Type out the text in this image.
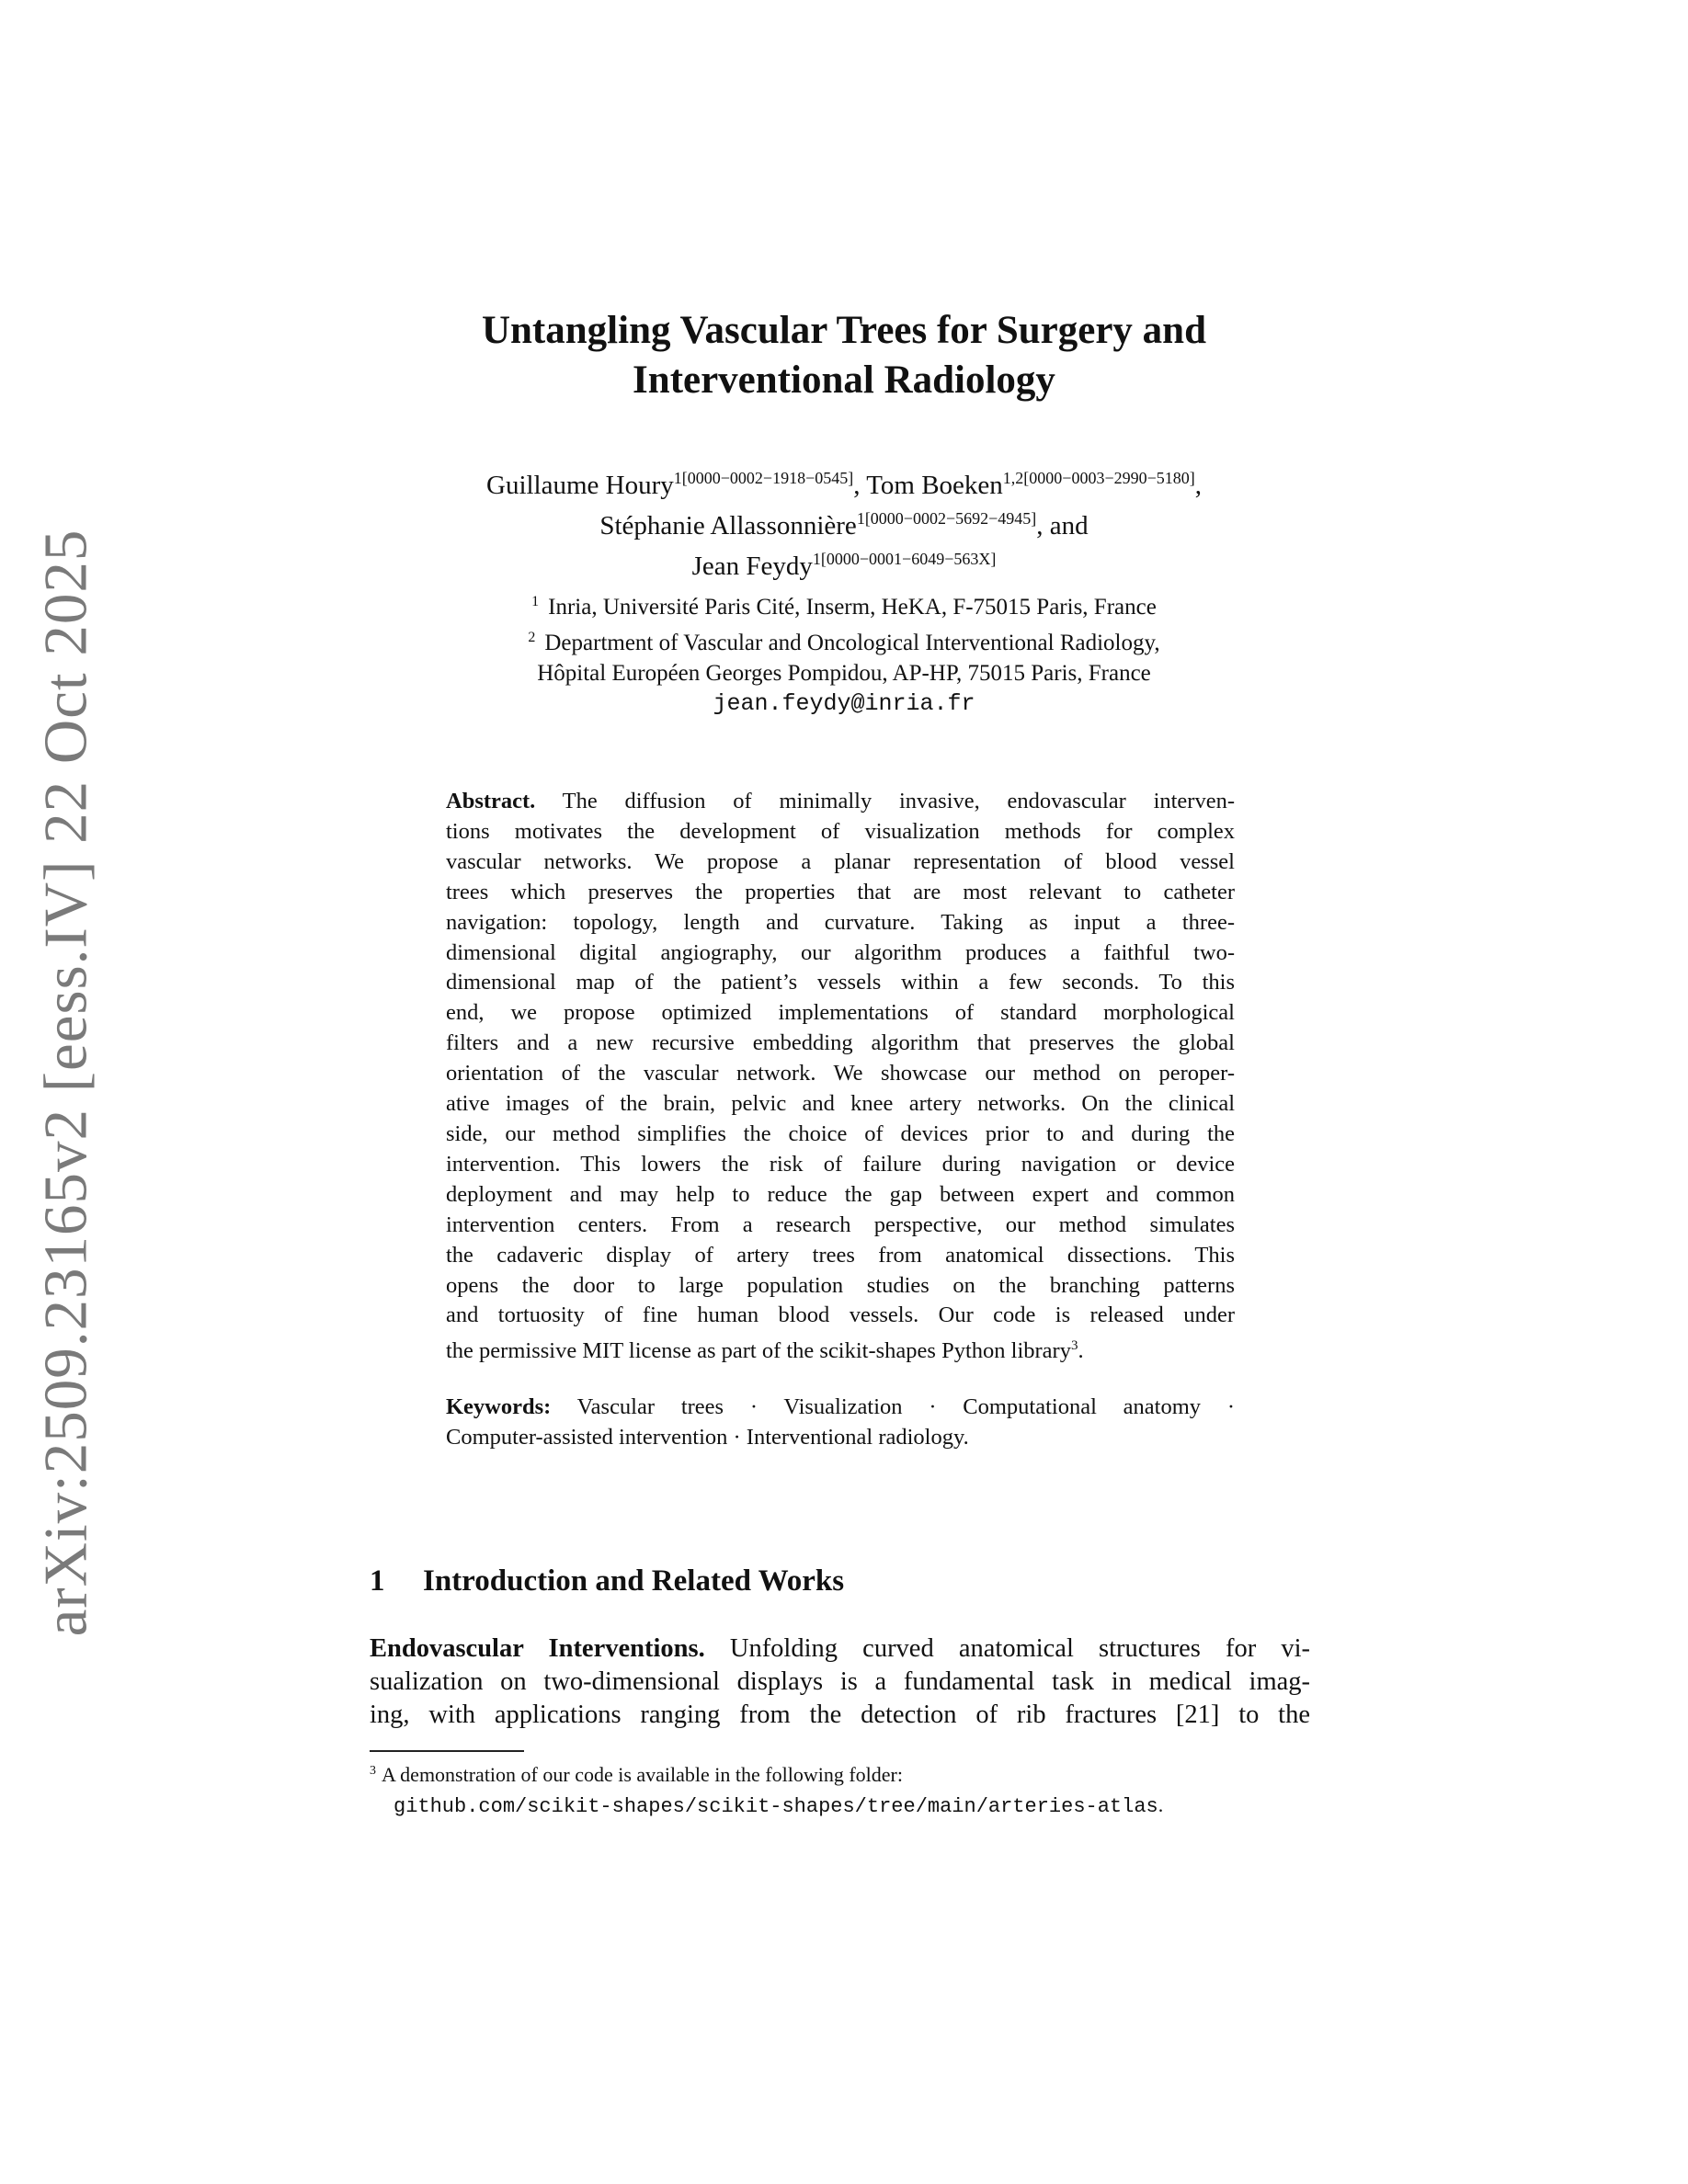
arXiv:2509.23165v2 [eess.IV] 22 Oct 2025
Untangling Vascular Trees for Surgery and
Interventional Radiology
Guillaume Houry$^{1[0000-0002-1918-0545]}$, Tom Boeken$^{1,2[0000-0003-2990-5180]}$,
Stéphanie Allassonnière$^{1[0000-0002-5692-4945]}$, and
Jean Feydy$^{1[0000-0001-6049-563X]}$
$^1$ Inria, Université Paris Cité, Inserm, HeKA, F-75015 Paris, France
$^2$ Department of Vascular and Oncological Interventional Radiology,
Hôpital Européen Georges Pompidou, AP-HP, 75015 Paris, France
jean.feydy@inria.fr
Abstract. The diffusion of minimally invasive, endovascular interven-
tions motivates the development of visualization methods for complex
vascular networks. We propose a planar representation of blood vessel
trees which preserves the properties that are most relevant to catheter
navigation: topology, length and curvature. Taking as input a three-
dimensional digital angiography, our algorithm produces a faithful two-
dimensional map of the patient’s vessels within a few seconds. To this
end, we propose optimized implementations of standard morphological
filters and a new recursive embedding algorithm that preserves the global
orientation of the vascular network. We showcase our method on peroper-
ative images of the brain, pelvic and knee artery networks. On the clinical
side, our method simplifies the choice of devices prior to and during the
intervention. This lowers the risk of failure during navigation or device
deployment and may help to reduce the gap between expert and common
intervention centers. From a research perspective, our method simulates
the cadaveric display of artery trees from anatomical dissections. This
opens the door to large population studies on the branching patterns
and tortuosity of fine human blood vessels. Our code is released under
the permissive MIT license as part of the scikit-shapes Python library$^3$.
Keywords: Vascular trees · Visualization · Computational anatomy ·
Computer-assisted intervention · Interventional radiology.
1 Introduction and Related Works
Endovascular Interventions. Unfolding curved anatomical structures for vi-
sualization on two-dimensional displays is a fundamental task in medical imag-
ing, with applications ranging from the detection of rib fractures [21] to the
$^3$ A demonstration of our code is available in the following folder:
github.com/scikit-shapes/scikit-shapes/tree/main/arteries-atlas.
